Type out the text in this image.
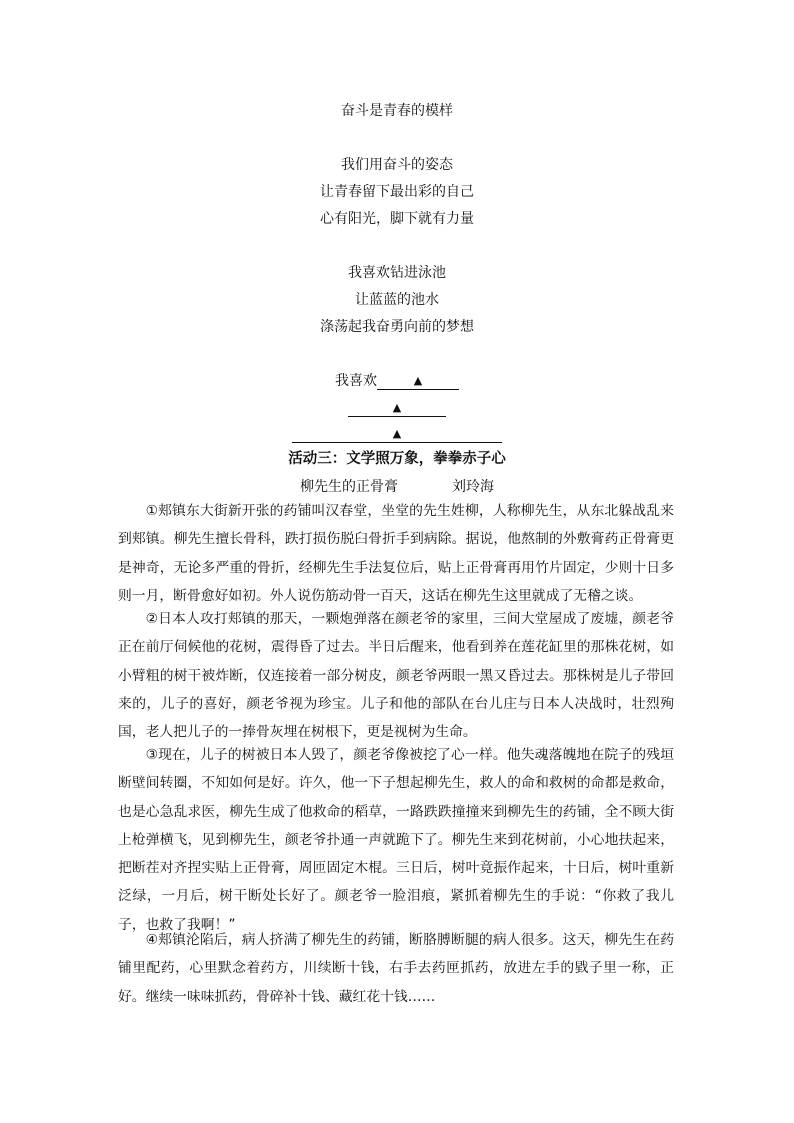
奋斗是青春的模样
我们用奋斗的姿态
让青春留下最出彩的自己
心有阳光，脚下就有力量
我喜欢钻进泳池
让蓝蓝的池水
涤荡起我奋勇向前的梦想
我喜欢	▲
▲
▲
活动三：文学照万象，拳拳赤子心
柳先生的正骨膏	刘玲海

①郏镇东大街新开张的药铺叫汉春堂，坐堂的先生姓柳，人称柳先生，从东北躲战乱来到郏镇。柳先生擅长骨科，跌打损伤脱臼骨折手到病除。据说，他熬制的外敷膏药正骨膏更是神奇，无论多严重的骨折，经柳先生手法复位后，贴上正骨膏再用竹片固定，少则十日多则一月，断骨愈好如初。外人说伤筋动骨一百天，这话在柳先生这里就成了无稽之谈。

②日本人攻打郏镇的那天，一颗炮弹落在颜老爷的家里，三间大堂屋成了废墟，颜老爷正在前厅伺候他的花树，震得昏了过去。半日后醒来，他看到养在莲花缸里的那株花树，如小臂粗的树干被炸断，仅连接着一部分树皮，颜老爷两眼一黑又昏过去。那株树是儿子带回来的，儿子的喜好，颜老爷视为珍宝。儿子和他的部队在台儿庄与日本人决战时，壮烈殉国，老人把儿子的一捧骨灰埋在树根下，更是视树为生命。

③现在，儿子的树被日本人毁了，颜老爷像被挖了心一样。他失魂落魄地在院子的残垣断壁间转圈，不知如何是好。许久，他一下子想起柳先生，救人的命和救树的命都是救命，也是心急乱求医，柳先生成了他救命的稻草，一路跌跌撞撞来到柳先生的药铺，全不顾大街上枪弹横飞，见到柳先生，颜老爷扑通一声就跪下了。柳先生来到花树前，小心地扶起来，把断茬对齐捏实贴上正骨膏，周匝固定木棍。三日后，树叶竟振作起来，十日后，树叶重新泛绿，一月后，树干断处长好了。颜老爷一脸泪痕，紧抓着柳先生的手说：“你救了我儿子，也救了我啊！”

④郏镇沦陷后，病人挤满了柳先生的药铺，断胳膊断腿的病人很多。这天，柳先生在药铺里配药，心里默念着药方，川续断十钱，右手去药匣抓药，放进左手的戥子里一称，正好。继续一味味抓药，骨碎补十钱、藏红花十钱……
